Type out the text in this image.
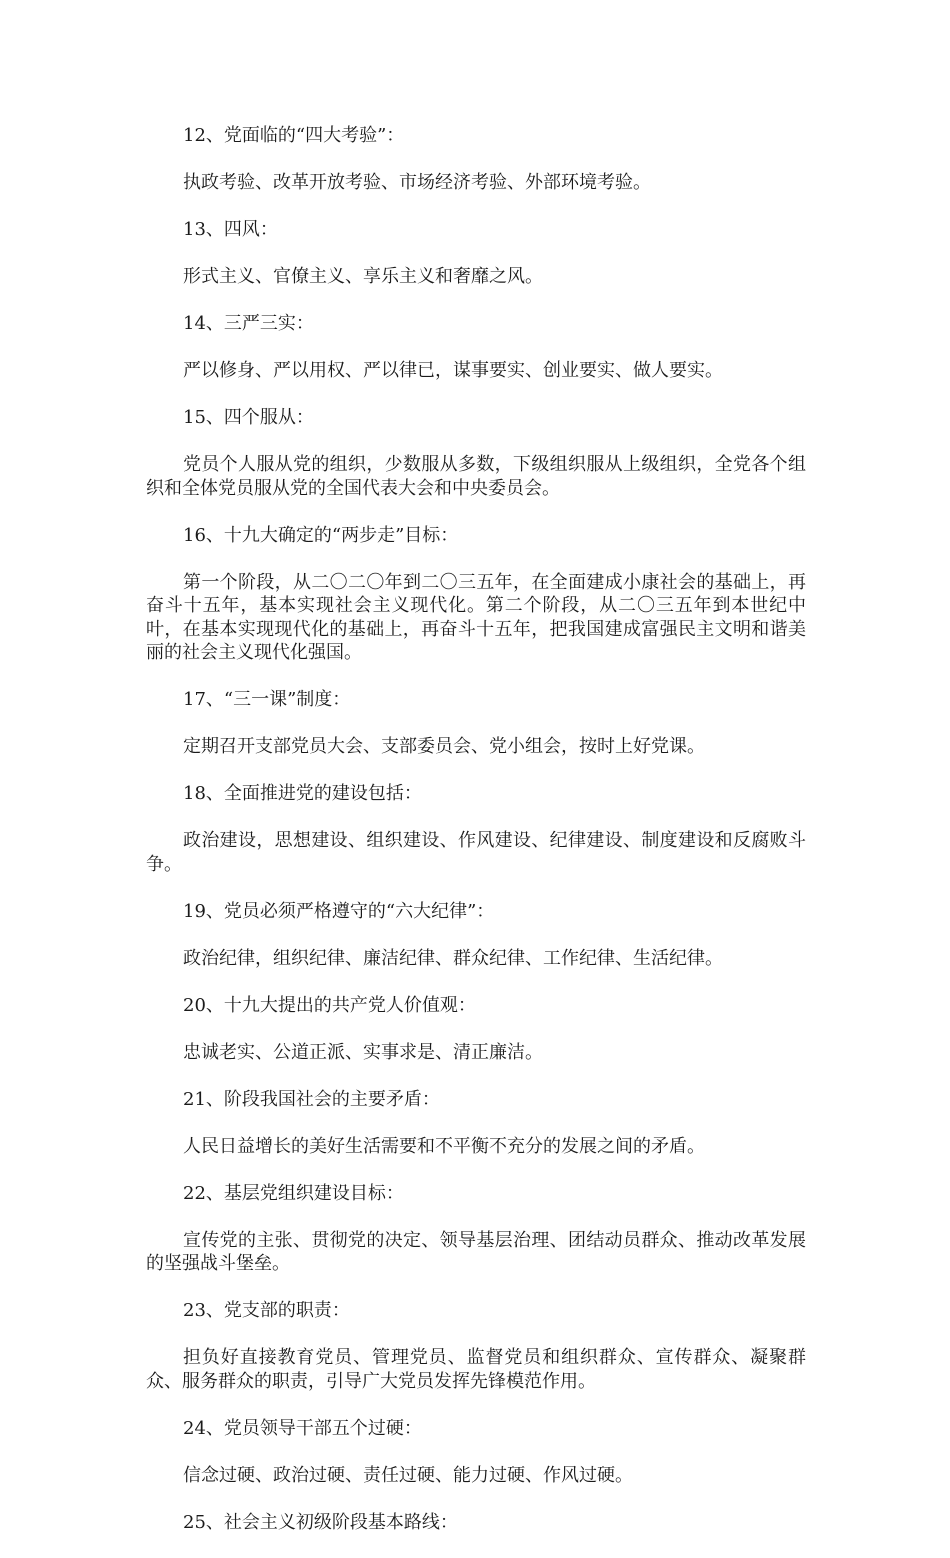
12、党面临的“四大考验”：

执政考验、改革开放考验、市场经济考验、外部环境考验。

13、四风：

形式主义、官僚主义、享乐主义和奢靡之风。

14、三严三实：

严以修身、严以用权、严以律已，谋事要实、创业要实、做人要实。

15、四个服从：

党员个人服从党的组织，少数服从多数，下级组织服从上级组织，全党各个组织和全体党员服从党的全国代表大会和中央委员会。

16、十九大确定的“两步走”目标：

第一个阶段，从二〇二〇年到二〇三五年，在全面建成小康社会的基础上，再奋斗十五年，基本实现社会主义现代化。第二个阶段，从二〇三五年到本世纪中叶，在基本实现现代化的基础上，再奋斗十五年，把我国建成富强民主文明和谐美丽的社会主义现代化强国。

17、“三一课”制度：

定期召开支部党员大会、支部委员会、党小组会，按时上好党课。

18、全面推进党的建设包括：

政治建设，思想建设、组织建设、作风建设、纪律建设、制度建设和反腐败斗争。

19、党员必须严格遵守的“六大纪律”：

政治纪律，组织纪律、廉洁纪律、群众纪律、工作纪律、生活纪律。

20、十九大提出的共产党人价值观：

忠诚老实、公道正派、实事求是、清正廉洁。

21、阶段我国社会的主要矛盾：

人民日益增长的美好生活需要和不平衡不充分的发展之间的矛盾。

22、基层党组织建设目标：

宣传党的主张、贯彻党的决定、领导基层治理、团结动员群众、推动改革发展的坚强战斗堡垒。

23、党支部的职责：

担负好直接教育党员、管理党员、监督党员和组织群众、宣传群众、凝聚群众、服务群众的职责，引导广大党员发挥先锋模范作用。

24、党员领导干部五个过硬：

信念过硬、政治过硬、责任过硬、能力过硬、作风过硬。

25、社会主义初级阶段基本路线：
